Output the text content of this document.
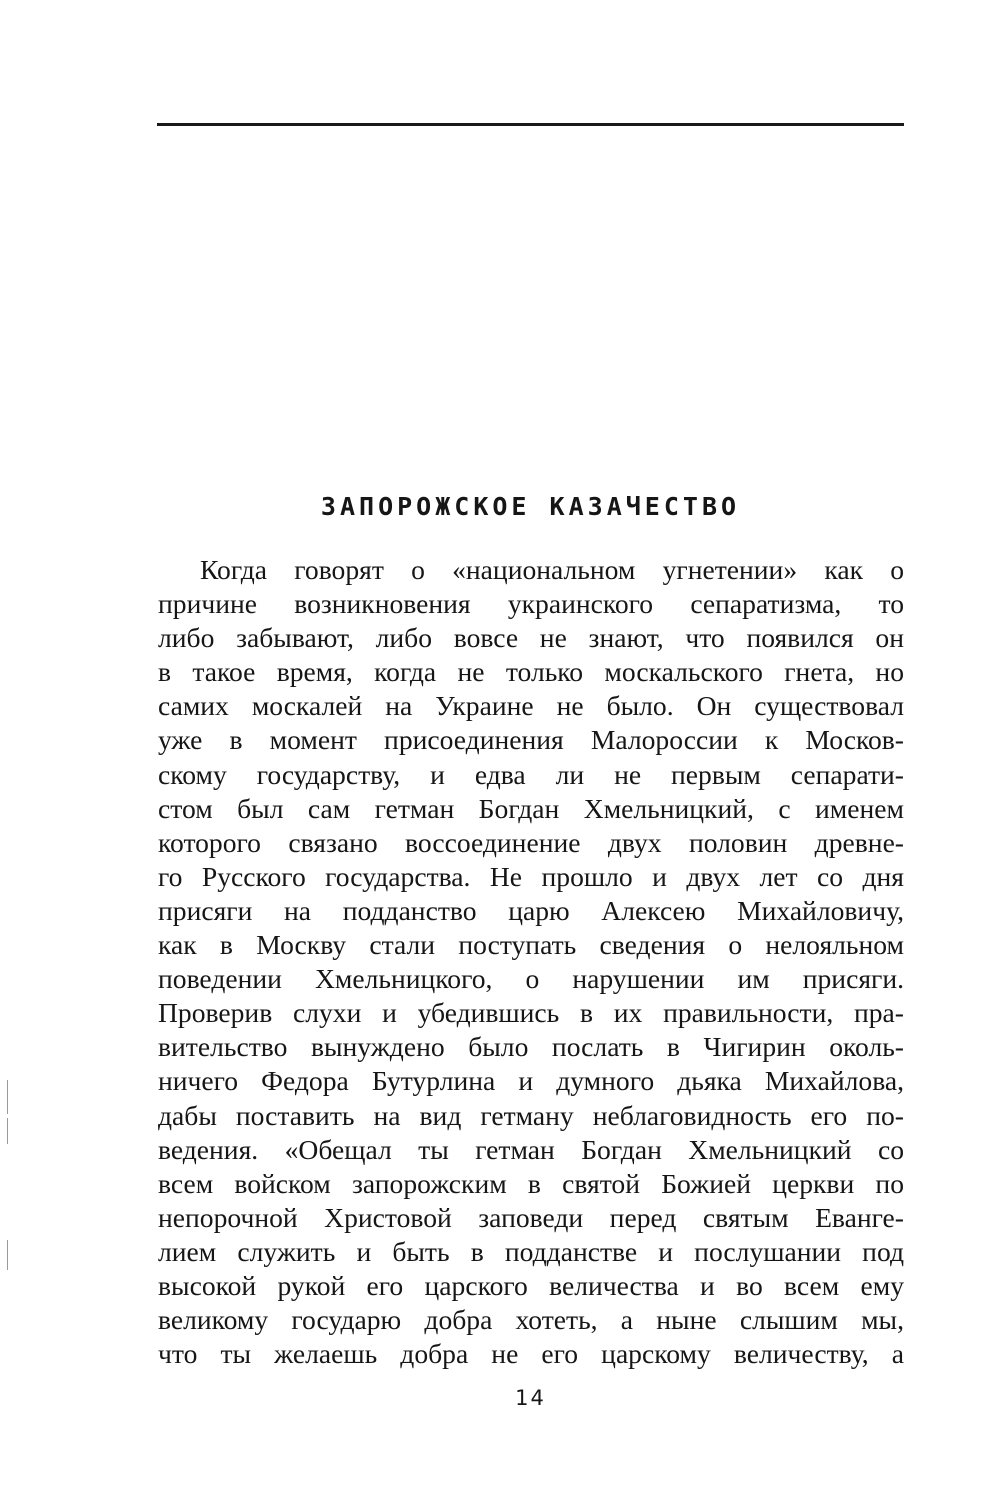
ЗАПОРОЖСКОЕ КАЗАЧЕСТВО
Когда говорят о «национальном угнетении» как о
причине возникновения украинского сепаратизма, то
либо забывают, либо вовсе не знают, что появился он
в такое время, когда не только москальского гнета, но
самих москалей на Украине не было. Он существовал
уже в момент присоединения Малороссии к Москов-
скому государству, и едва ли не первым сепарати-
стом был сам гетман Богдан Хмельницкий, с именем
которого связано воссоединение двух половин древне-
го Русского государства. Не прошло и двух лет со дня
присяги на подданство царю Алексею Михайловичу,
как в Москву стали поступать сведения о нелояльном
поведении Хмельницкого, о нарушении им присяги.
Проверив слухи и убедившись в их правильности, пра-
вительство вынуждено было послать в Чигирин околь-
ничего Федора Бутурлина и думного дьяка Михайлова,
дабы поставить на вид гетману неблаговидность его по-
ведения. «Обещал ты гетман Богдан Хмельницкий со
всем войском запорожским в святой Божией церкви по
непорочной Христовой заповеди перед святым Еванге-
лием служить и быть в подданстве и послушании под
высокой рукой его царского величества и во всем ему
великому государю добра хотеть, а ныне слышим мы,
что ты желаешь добра не его царскому величеству, а
14
